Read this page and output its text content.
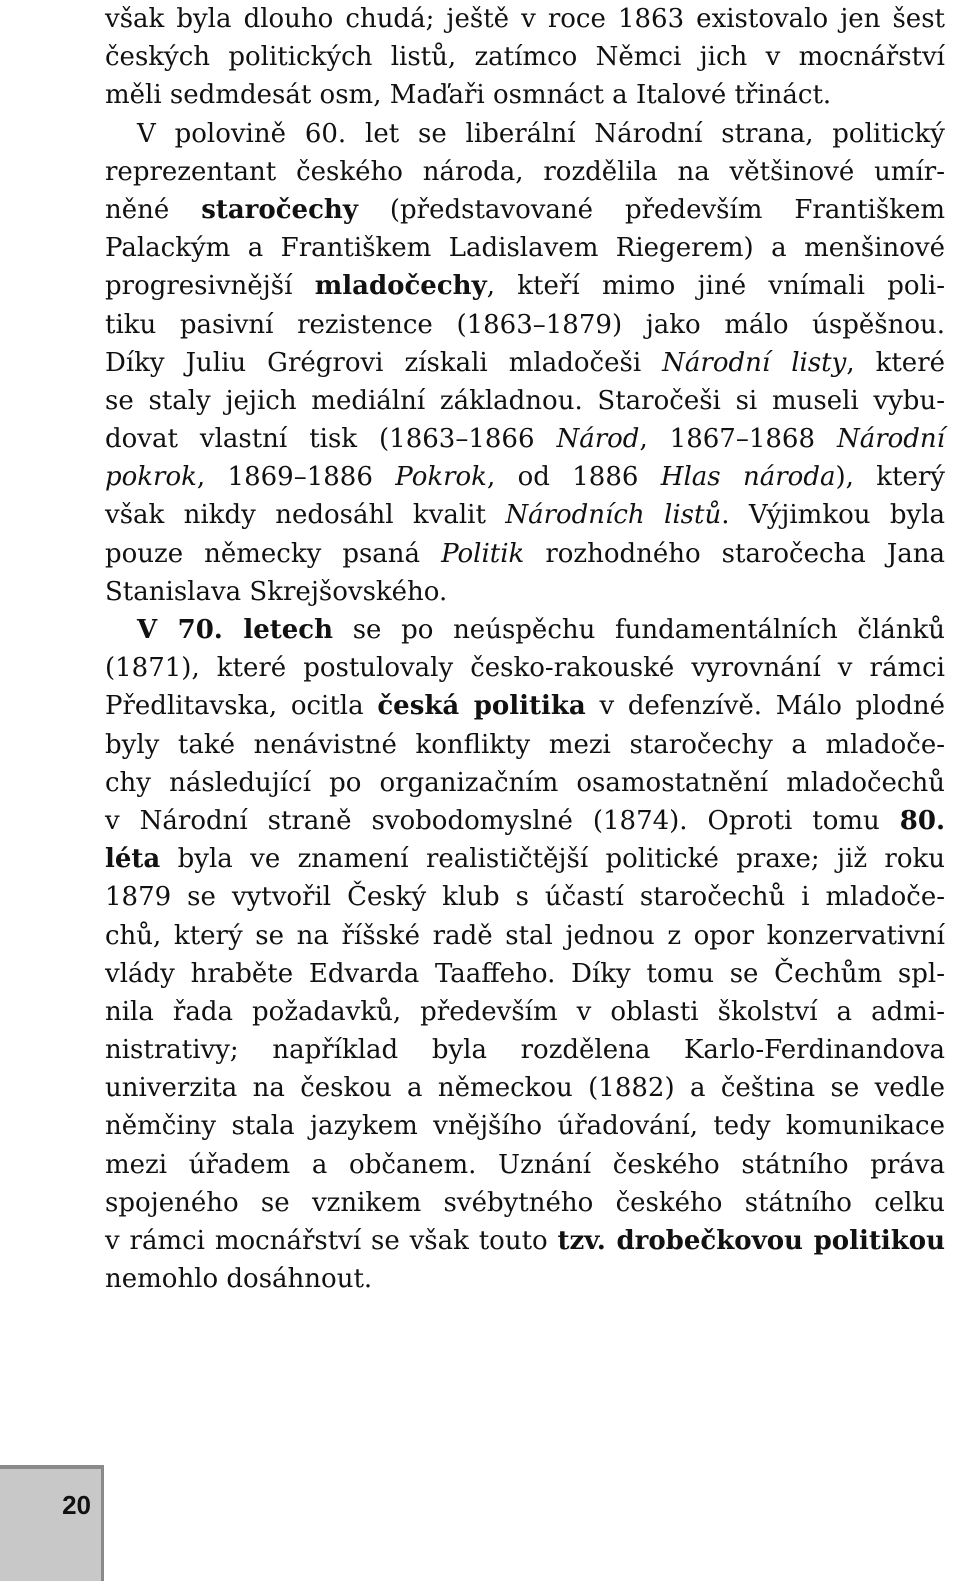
však byla dlouho chudá; ještě v roce 1863 existovalo jen šest
českých politických listů, zatímco Němci jich v mocnářství
měli sedmdesát osm, Maďaři osmnáct a Italové třináct.
V polovině 60. let se liberální Národní strana, politický
reprezentant českého národa, rozdělila na většinové umír-
něné staročechy (představované především Františkem
Palackým a Františkem Ladislavem Riegerem) a menšinové
progresivnější mladočechy, kteří mimo jiné vnímali poli-
tiku pasivní rezistence (1863–1879) jako málo úspěšnou.
Díky Juliu Grégrovi získali mladočeši Národní listy, které
se staly jejich mediální základnou. Staročeši si museli vybu-
dovat vlastní tisk (1863–1866 Národ, 1867–1868 Národní
pokrok, 1869–1886 Pokrok, od 1886 Hlas národa), který
však nikdy nedosáhl kvalit Národních listů. Výjimkou byla
pouze německy psaná Politik rozhodného staročecha Jana
Stanislava Skrejšovského.
V 70. letech se po neúspěchu fundamentálních článků
(1871), které postulovaly česko-rakouské vyrovnání v rámci
Předlitavska, ocitla česká politika v defenzívě. Málo plodné
byly také nenávistné konflikty mezi staročechy a mladoče-
chy následující po organizačním osamostatnění mladočechů
v Národní straně svobodomyslné (1874). Oproti tomu 80.
léta byla ve znamení realističtější politické praxe; již roku
1879 se vytvořil Český klub s účastí staročechů i mladoče-
chů, který se na říšské radě stal jednou z opor konzervativní
vlády hraběte Edvarda Taaffeho. Díky tomu se Čechům spl-
nila řada požadavků, především v oblasti školství a admi-
nistrativy; například byla rozdělena Karlo-Ferdinandova
univerzita na českou a německou (1882) a čeština se vedle
němčiny stala jazykem vnějšího úřadování, tedy komunikace
mezi úřadem a občanem. Uznání českého státního práva
spojeného se vznikem svébytného českého státního celku
v rámci mocnářství se však touto tzv. drobečkovou politikou
nemohlo dosáhnout.
20
